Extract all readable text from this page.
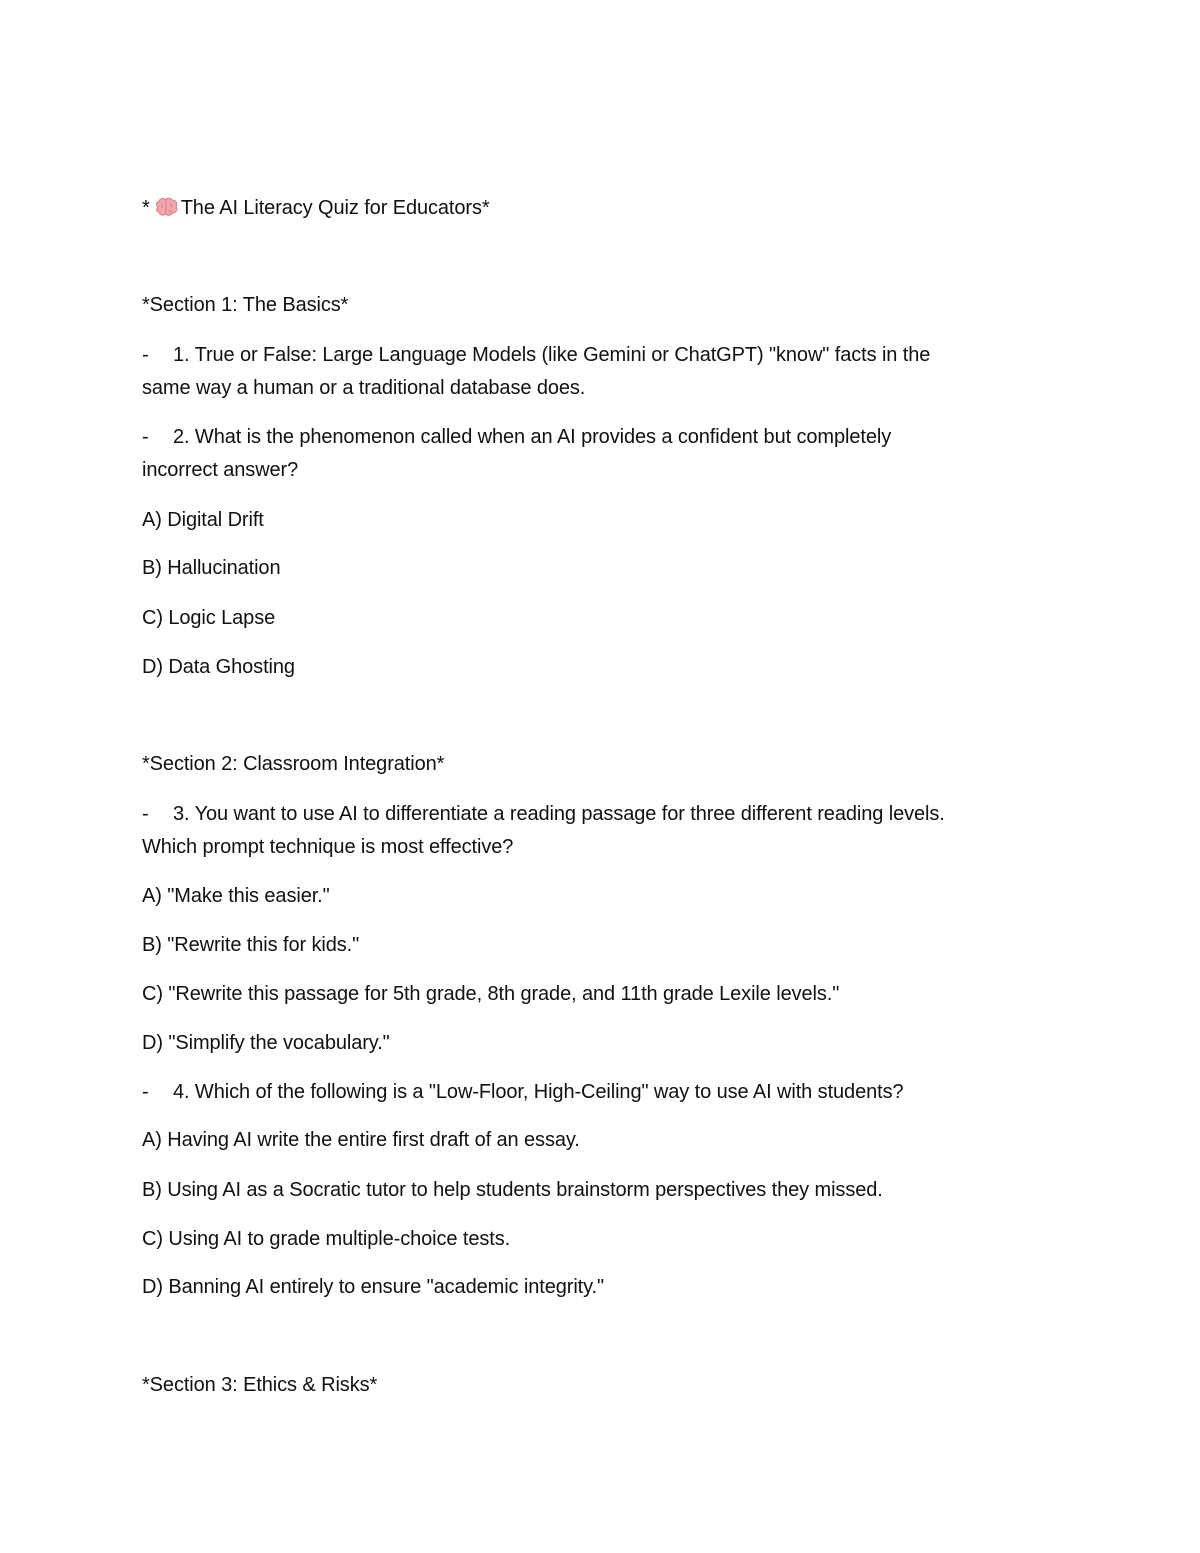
* The AI Literacy Quiz for Educators*
*Section 1: The Basics*
- 1. True or False: Large Language Models (like Gemini or ChatGPT) "know" facts in the
same way a human or a traditional database does.
- 2. What is the phenomenon called when an AI provides a confident but completely
incorrect answer?
A) Digital Drift
B) Hallucination
C) Logic Lapse
D) Data Ghosting
*Section 2: Classroom Integration*
- 3. You want to use AI to differentiate a reading passage for three different reading levels.
Which prompt technique is most effective?
A) "Make this easier."
B) "Rewrite this for kids."
C) "Rewrite this passage for 5th grade, 8th grade, and 11th grade Lexile levels."
D) "Simplify the vocabulary."
- 4. Which of the following is a "Low-Floor, High-Ceiling" way to use AI with students?
A) Having AI write the entire first draft of an essay.
B) Using AI as a Socratic tutor to help students brainstorm perspectives they missed.
C) Using AI to grade multiple-choice tests.
D) Banning AI entirely to ensure "academic integrity."
*Section 3: Ethics & Risks*
